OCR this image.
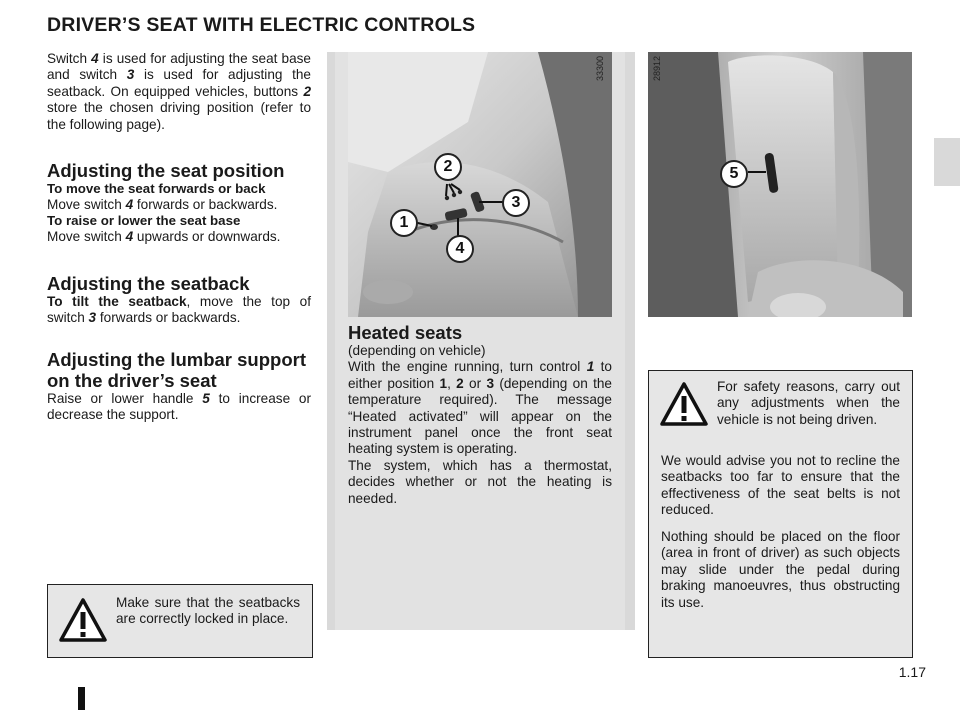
DRIVER’S SEAT WITH ELECTRIC CONTROLS

Switch 4 is used for adjusting the seat base and switch 3 is used for adjusting the seatback. On equipped vehicles, buttons 2 store the chosen driving position (refer to the following page).

Adjusting the seat position
To move the seat forwards or back
Move switch 4 forwards or backwards.
To raise or lower the seat base
Move switch 4 upwards or downwards.
Adjusting the seatback

To tilt the seatback, move the top of switch 3 forwards or backwards.

Adjusting the lumbar support
on the driver’s seat

Raise or lower handle 5 to increase or decrease the support.

Make sure that the seatbacks are correctly locked in place.

2
3
1
4
33300
5
28912
Heated seats
(depending on vehicle)

With the engine running, turn control 1 to either position 1, 2 or 3 (depending on the temperature required). The message “Heated activated” will appear on the instrument panel once the front seat heating system is operating.

The system, which has a thermostat, decides whether or not the heating is needed.

For safety reasons, carry out any adjustments when the vehicle is not being driven.

We would advise you not to recline the seatbacks too far to ensure that the effectiveness of the seat belts is not reduced.

Nothing should be placed on the floor (area in front of driver) as such objects may slide under the pedal during braking manoeuvres, thus obstructing its use.

1.17
